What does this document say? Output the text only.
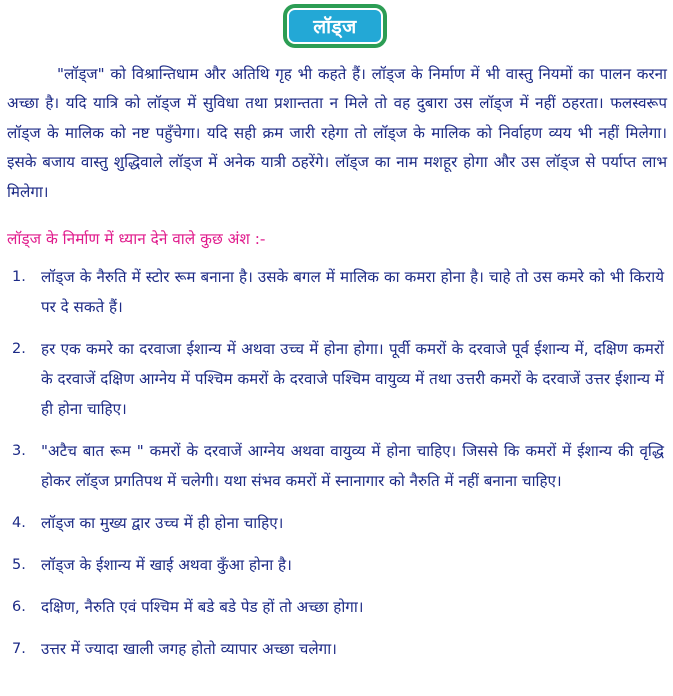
लॉड्ज

"लॉड्ज" को विश्रान्तिधाम और अतिथि गृह भी कहते हैं। लॉड्ज के निर्माण में भी वास्तु नियमों का पालन करना अच्छा है। यदि यात्रि को लॉड्ज में सुविधा तथा प्रशान्तता न मिले तो वह दुबारा उस लॉड्ज में नहीं ठहरता। फलस्वरूप लॉड्ज के मालिक को नष्ट पहुँचेगा। यदि सही क्रम जारी रहेगा तो लॉड्ज के मालिक को निर्वाहण व्यय भी नहीं मिलेगा। इसके बजाय वास्तु शुद्धिवाले लॉड्ज में अनेक यात्री ठहरेंगे। लॉड्ज का नाम मशहूर होगा और उस लॉड्ज से पर्याप्त लाभ मिलेगा।

लॉड्ज के निर्माण में ध्यान देने वाले कुछ अंश :-

1. लॉड्ज के नैरुति में स्टोर रूम बनाना है। उसके बगल में मालिक का कमरा होना है। चाहे तो उस कमरे को भी किराये पर दे सकते हैं।
2. हर एक कमरे का दरवाजा ईशान्य में अथवा उच्च में होना होगा। पूर्वी कमरों के दरवाजे पूर्व ईशान्य में, दक्षिण कमरों के दरवाजें दक्षिण आग्नेय में पश्चिम कमरों के दरवाजे पश्चिम वायुव्य में तथा उत्तरी कमरों के दरवाजें उत्तर ईशान्य में ही होना चाहिए।
3. "अटैच बात रूम " कमरों के दरवाजें आग्नेय अथवा वायुव्य में होना चाहिए। जिससे कि कमरों में ईशान्य की वृद्धि होकर लॉड्ज प्रगतिपथ में चलेगी। यथा संभव कमरों में स्नानागार को नैरुति में नहीं बनाना चाहिए।
4. लॉड्ज का मुख्य द्वार उच्च में ही होना चाहिए।
5. लॉड्ज के ईशान्य में खाई अथवा कुँआ होना है।
6. दक्षिण, नैरुति एवं पश्चिम में बडे बडे पेड हों तो अच्छा होगा।
7. उत्तर में ज्यादा खाली जगह होतो व्यापार अच्छा चलेगा।
